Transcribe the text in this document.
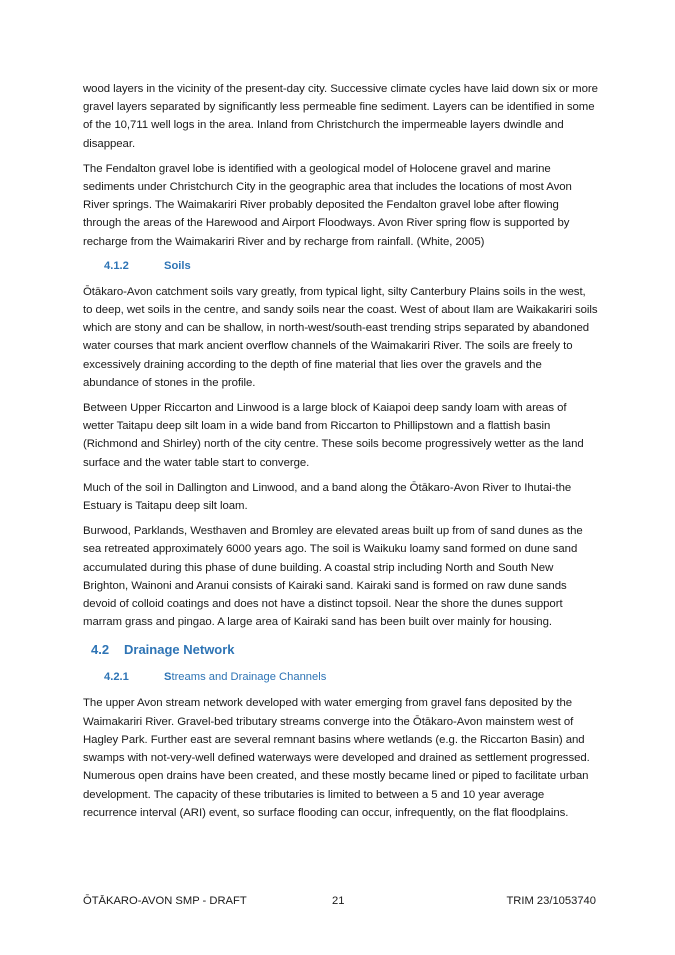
wood layers in the vicinity of the present-day city. Successive climate cycles have laid down six or more gravel layers separated by significantly less permeable fine sediment. Layers can be identified in some of the 10,711 well logs in the area. Inland from Christchurch the impermeable layers dwindle and disappear.

The Fendalton gravel lobe is identified with a geological model of Holocene gravel and marine sediments under Christchurch City in the geographic area that includes the locations of most Avon River springs. The Waimakariri River probably deposited the Fendalton gravel lobe after flowing through the areas of the Harewood and Airport Floodways. Avon River spring flow is supported by recharge from the Waimakariri River and by recharge from rainfall. (White, 2005)

4.1.2	Soils

Ōtākaro-Avon catchment soils vary greatly, from typical light, silty Canterbury Plains soils in the west, to deep, wet soils in the centre, and sandy soils near the coast. West of about Ilam are Waikakariri soils which are stony and can be shallow, in north-west/south-east trending strips separated by abandoned water courses that mark ancient overflow channels of the Waimakariri River. The soils are freely to excessively draining according to the depth of fine material that lies over the gravels and the abundance of stones in the profile.

Between Upper Riccarton and Linwood is a large block of Kaiapoi deep sandy loam with areas of wetter Taitapu deep silt loam in a wide band from Riccarton to Phillipstown and a flattish basin (Richmond and Shirley) north of the city centre. These soils become progressively wetter as the land surface and the water table start to converge.

Much of the soil in Dallington and Linwood, and a band along the Ōtākaro-Avon River to Ihutai-the Estuary is Taitapu deep silt loam.

Burwood, Parklands, Westhaven and Bromley are elevated areas built up from of sand dunes as the sea retreated approximately 6000 years ago. The soil is Waikuku loamy sand formed on dune sand accumulated during this phase of dune building. A coastal strip including North and South New Brighton, Wainoni and Aranui consists of Kairaki sand. Kairaki sand is formed on raw dune sands devoid of colloid coatings and does not have a distinct topsoil. Near the shore the dunes support marram grass and pingao. A large area of Kairaki sand has been built over mainly for housing.

4.2	Drainage Network
4.2.1	Streams and Drainage Channels

The upper Avon stream network developed with water emerging from gravel fans deposited by the Waimakariri River. Gravel-bed tributary streams converge into the Ōtākaro-Avon mainstem west of Hagley Park. Further east are several remnant basins where wetlands (e.g. the Riccarton Basin) and swamps with not-very-well defined waterways were developed and drained as settlement progressed. Numerous open drains have been created, and these mostly became lined or piped to facilitate urban development. The capacity of these tributaries is limited to between a 5 and 10 year average recurrence interval (ARI) event, so surface flooding can occur, infrequently, on the flat floodplains.

ŌTĀKARO-AVON SMP - DRAFT	21	TRIM 23/1053740
